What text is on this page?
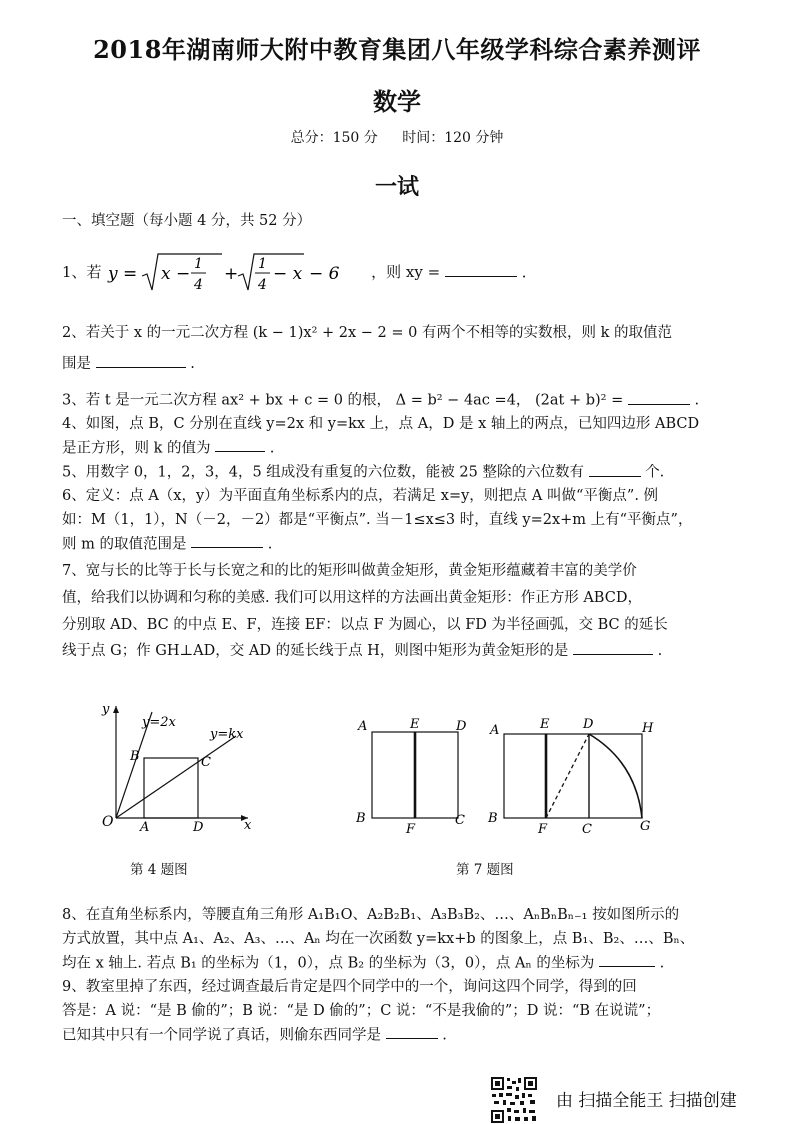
2018年湖南师大附中教育集团八年级学科综合素养测评
数学
总分：150 分 时间：120 分钟
一试
一、填空题（每小题 4 分，共 52 分）
1、若 y = x − 1
4
+ 1
4
− x − 6 ，则 xy =	．
2、若关于 x 的一元二次方程 (k − 1)x² + 2x − 2 = 0 有两个不相等的实数根，则 k 的取值范
围是	.
3、若 t 是一元二次方程 ax² + bx + c = 0 的根， Δ = b² − 4ac =4， (2at + b)² =	.
4、如图，点 B，C 分别在直线 y=2x 和 y=kx 上，点 A，D 是 x 轴上的两点，已知四边形 ABCD
是正方形，则 k 的值为	.
5、用数字 0，1，2，3，4，5 组成没有重复的六位数，能被 25 整除的六位数有	个.
6、定义：点 A（x，y）为平面直角坐标系内的点，若满足 x=y，则把点 A 叫做“平衡点”. 例
如：M（1，1），N（－2，－2）都是“平衡点”. 当－1≤x≤3 时，直线 y=2x+m 上有“平衡点”，
则 m 的取值范围是	.
7、宽与长的比等于长与长宽之和的比的矩形叫做黄金矩形，黄金矩形蕴藏着丰富的美学价
值，给我们以协调和匀称的美感. 我们可以用这样的方法画出黄金矩形：作正方形 ABCD，
分别取 AD、BC 的中点 E、F，连接 EF：以点 F 为圆心，以 FD 为半径画弧，交 BC 的延长
线于点 G；作 GH⊥AD，交 AD 的延长线于点 H，则图中矩形为黄金矩形的是	.
O A	D
B	C
x
y
y=2x
y=kx
第 4 题图
A	E	D
B
F
C
A	E	D	H
B
F	C	G
第 7 题图
8、在直角坐标系内，等腰直角三角形 A₁B₁O、A₂B₂B₁、A₃B₃B₂、…、AₙBₙBₙ₋₁ 按如图所示的
方式放置，其中点 A₁、A₂、A₃、…、Aₙ 均在一次函数 y=kx+b 的图象上，点 B₁、B₂、…、Bₙ、
均在 x 轴上. 若点 B₁ 的坐标为（1，0），点 B₂ 的坐标为（3，0），点 Aₙ 的坐标为	.
9、教室里掉了东西，经过调查最后肯定是四个同学中的一个，询问这四个同学，得到的回
答是：A 说：“是 B 偷的”；B 说：“是 D 偷的”；C 说：“不是我偷的”；D 说：“B 在说谎”；
已知其中只有一个同学说了真话，则偷东西同学是	.
由 扫描全能王 扫描创建
